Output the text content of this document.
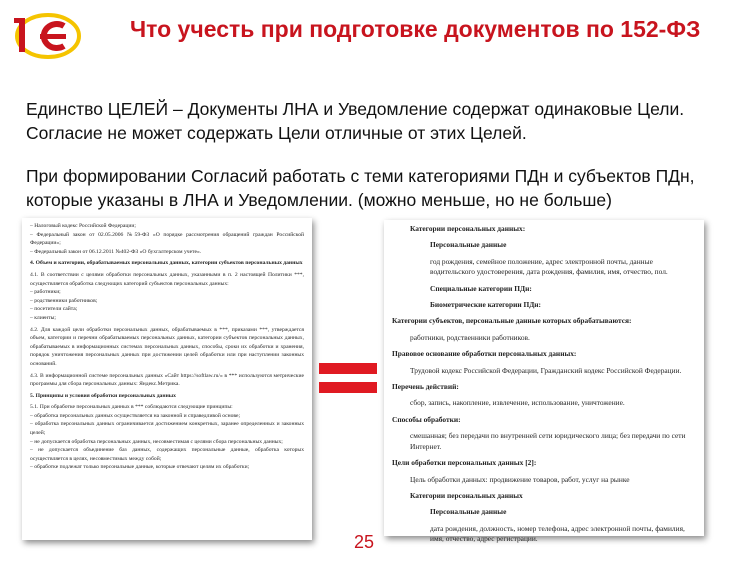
Что учесть при подготовке документов по 152-ФЗ
Единство ЦЕЛЕЙ – Документы ЛНА и Уведомление содержат одинаковые Цели. Согласие не может содержать Цели отличные от этих Целей.
При формировании Согласий работать с теми категориями ПДн и субъектов ПДн, которые указаны в ЛНА и Уведомлении. (можно меньше, но не больше)
– Налоговый кодекс Российской Федерации;
– Федеральный закон от 02.05.2006 №59-ФЗ «О порядке рассмотрения обращений граждан Российской Федерации»;
– Федеральный закон от 06.12.2011 №402-ФЗ «О бухгалтерском учете».
4. Объем и категории, обрабатываемых персональных данных, категории субъектов персональных данных
4.1. В соответствии с целями обработки персональных данных, указанными в п. 2 настоящей Политики ***, осуществляется обработка следующих категорий субъектов персональных данных:
– работники;
– родственники работников;
– посетители сайта;
– клиенты;
4.2. Для каждой цели обработки персональных данных, обрабатываемых в ***, приказами ***, утверждается объем, категории и перечни обрабатываемых персональных данных, категории субъектов персональных данных, обрабатываемых в информационных системах персональных данных, способы, сроки их обработки и хранения, порядок уничтожения персональных данных при достижении целей обработки или при наступлении законных оснований.
4.3. В информационной системе персональных данных «Сайт https://softlaw.ru/» в *** используются метрические программы для сбора персональных данных: Яндекс.Метрика.
5. Принципы и условия обработки персональных данных
5.1. При обработке персональных данных в *** соблюдаются следующие принципы:
– обработка персональных данных осуществляется на законной и справедливой основе;
– обработка персональных данных ограничивается достижением конкретных, заранее определенных и законных целей;
– не допускается обработка персональных данных, несовместимая с целями сбора персональных данных;
– не допускается объединение баз данных, содержащих персональные данные, обработка которых осуществляется в целях, несовместимых между собой;
– обработке подлежат только персональные данные, которые отвечают целям их обработки;
Категории персональных данных:
Персональные данные
год рождения, семейное положение, адрес электронной почты, данные водительского удостоверения, дата рождения, фамилия, имя, отчество, пол.
Специальные категории ПДн:
Биометрические категории ПДн:
Категории субъектов, персональные данные которых обрабатываются:
работники, родственники работников.
Правовое основание обработки персональных данных:
Трудовой кодекс Российской Федерации, Гражданский кодекс Российской Федерации.
Перечень действий:
сбор, запись, накопление, извлечение, использование, уничтожение.
Способы обработки:
смешанная; без передачи по внутренней сети юридического лица; без передачи по сети Интернет.
Цели обработки персональных данных [2]:
Цель обработки данных: продвижение товаров, работ, услуг на рынке
Категории персональных данных
Персональные данные
дата рождения, должность, номер телефона, адрес электронной почты, фамилия, имя, отчество, адрес регистрации.
25
